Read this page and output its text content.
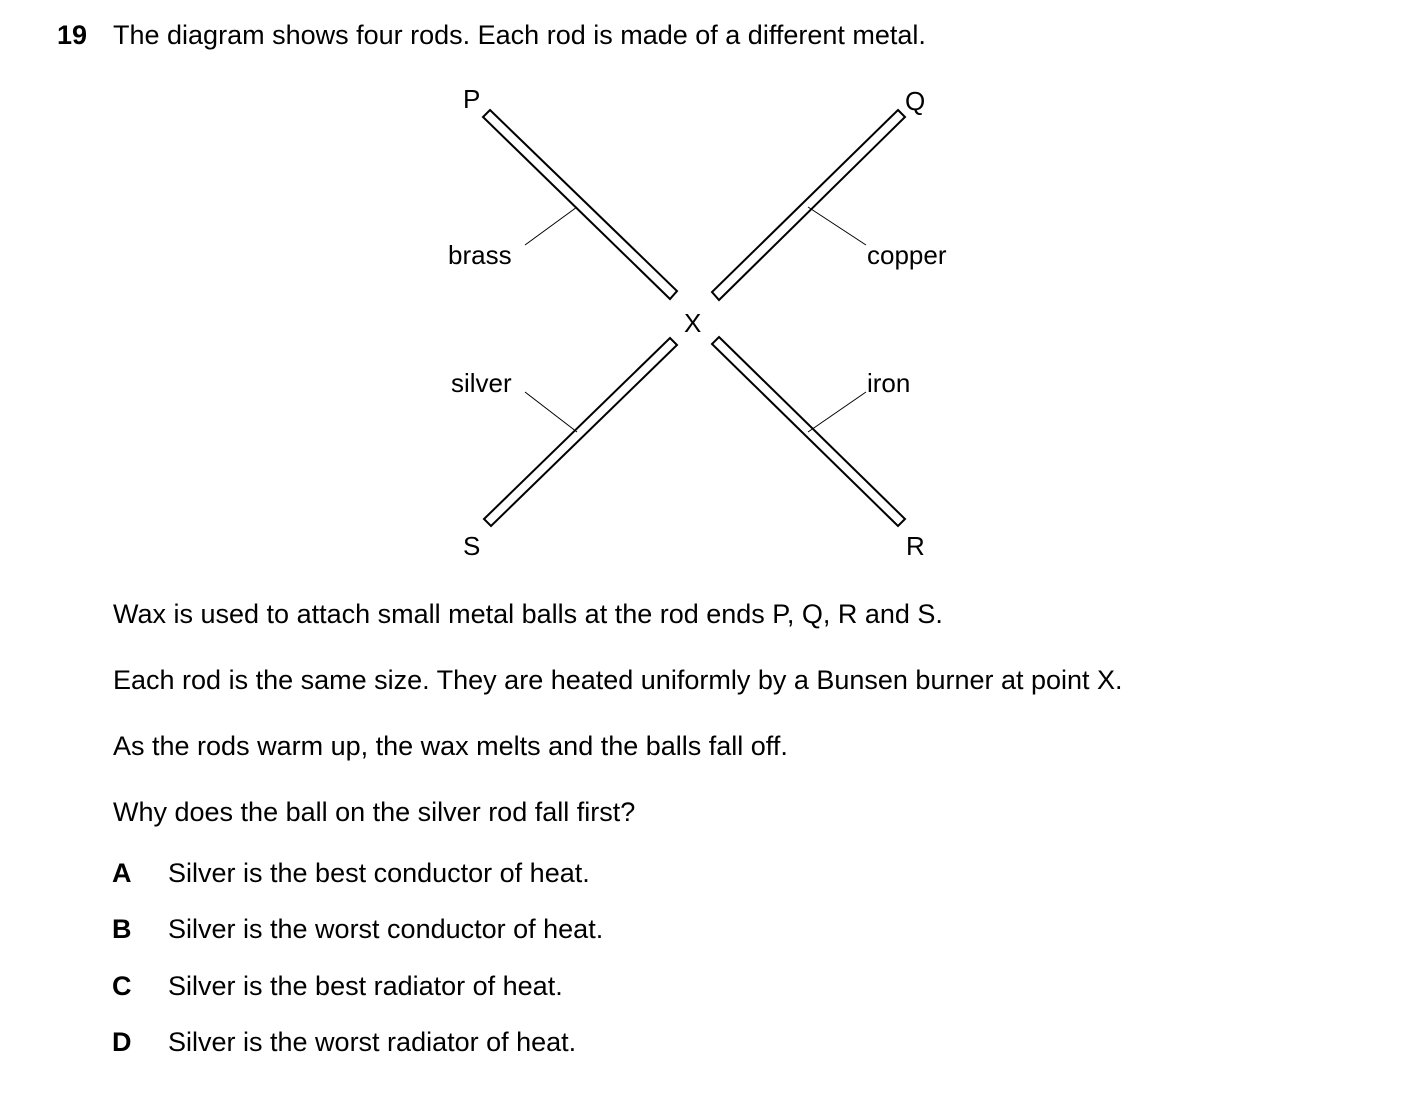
19 The diagram shows four rods. Each rod is made of a different metal.
P	Q
S	R
X
brass	copper
silver	iron
Wax is used to attach small metal balls at the rod ends P, Q, R and S.
Each rod is the same size. They are heated uniformly by a Bunsen burner at point X.
As the rods warm up, the wax melts and the balls fall off.
Why does the ball on the silver rod fall first?
A Silver is the best conductor of heat.
B Silver is the worst conductor of heat.
C Silver is the best radiator of heat.
D Silver is the worst radiator of heat.
